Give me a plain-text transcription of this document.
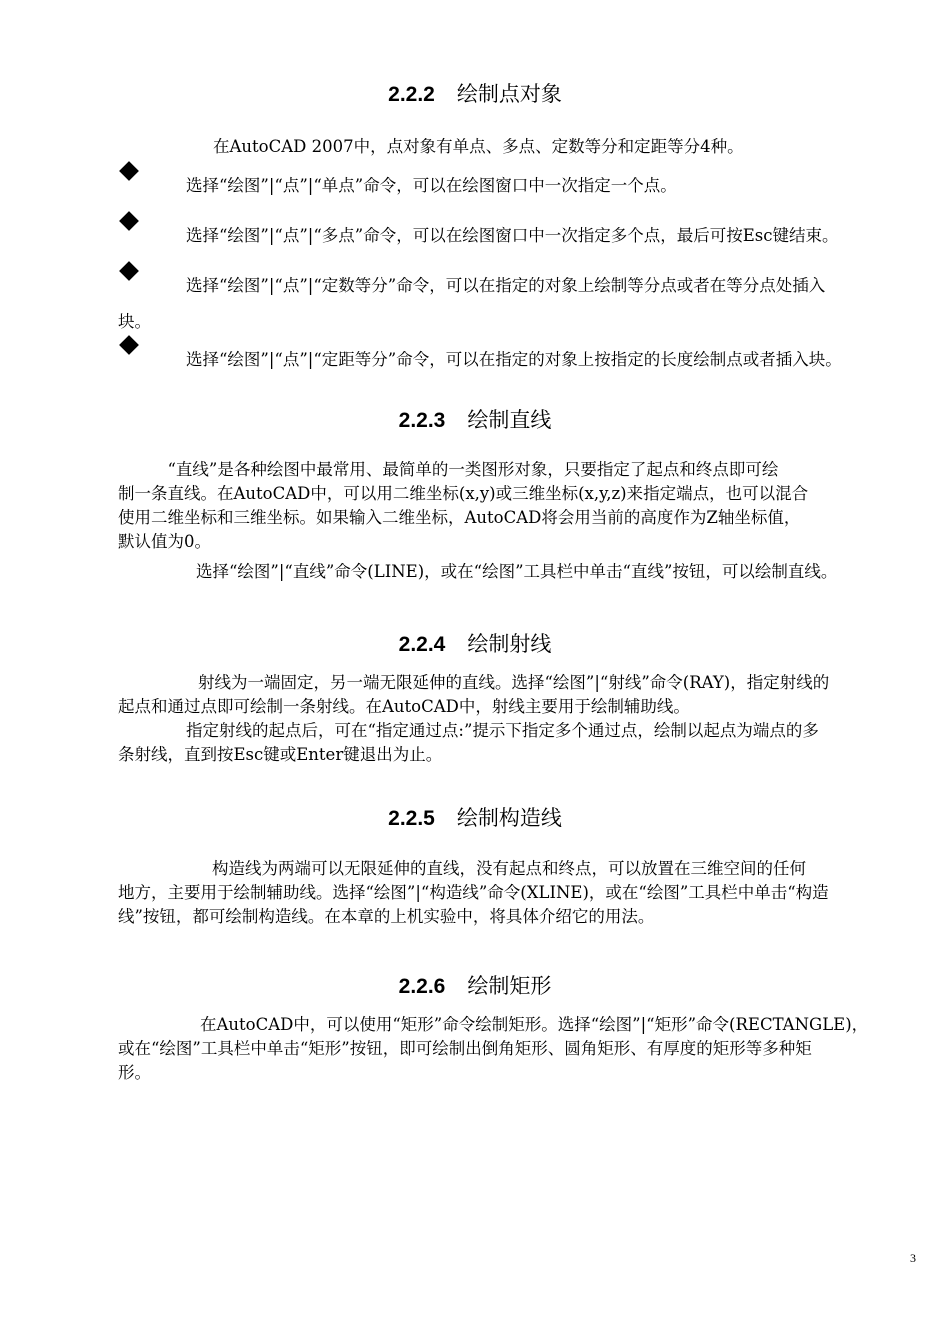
2.2.2 绘制点对象
在AutoCAD 2007中，点对象有单点、多点、定数等分和定距等分4种。
选择“绘图”|“点”|“单点”命令，可以在绘图窗口中一次指定一个点。
选择“绘图”|“点”|“多点”命令，可以在绘图窗口中一次指定多个点，最后可按Esc键结束。
选择“绘图”|“点”|“定数等分”命令，可以在指定的对象上绘制等分点或者在等分点处插入
块。
选择“绘图”|“点”|“定距等分”命令，可以在指定的对象上按指定的长度绘制点或者插入块。
2.2.3 绘制直线
　　　“直线”是各种绘图中最常用、最简单的一类图形对象，只要指定了起点和终点即可绘
制一条直线。在AutoCAD中，可以用二维坐标(x,y)或三维坐标(x,y,z)来指定端点，也可以混合
使用二维坐标和三维坐标。如果输入二维坐标，AutoCAD将会用当前的高度作为Z轴坐标值，
默认值为0。
选择“绘图”|“直线”命令(LINE)，或在“绘图”工具栏中单击“直线”按钮，可以绘制直线。
2.2.4 绘制射线
射线为一端固定，另一端无限延伸的直线。选择“绘图”|“射线”命令(RAY)，指定射线的
起点和通过点即可绘制一条射线。在AutoCAD中，射线主要用于绘制辅助线。
指定射线的起点后，可在“指定通过点:”提示下指定多个通过点，绘制以起点为端点的多
条射线，直到按Esc键或Enter键退出为止。
2.2.5 绘制构造线
构造线为两端可以无限延伸的直线，没有起点和终点，可以放置在三维空间的任何
地方，主要用于绘制辅助线。选择“绘图”|“构造线”命令(XLINE)，或在“绘图”工具栏中单击“构造
线”按钮，都可绘制构造线。在本章的上机实验中，将具体介绍它的用法。
2.2.6 绘制矩形
在AutoCAD中，可以使用“矩形”命令绘制矩形。选择“绘图”|“矩形”命令(RECTANGLE)，
或在“绘图”工具栏中单击“矩形”按钮，即可绘制出倒角矩形、圆角矩形、有厚度的矩形等多种矩
形。
3
